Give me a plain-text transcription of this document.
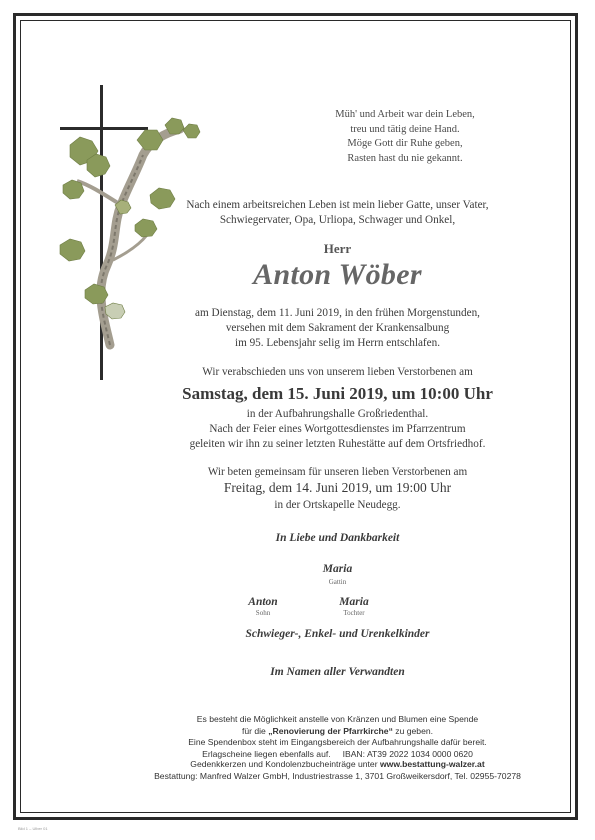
Müh' und Arbeit war dein Leben,
treu und tätig deine Hand.
Möge Gott dir Ruhe geben,
Rasten hast du nie gekannt.
Nach einem arbeitsreichen Leben ist mein lieber Gatte, unser Vater,
Schwiegervater, Opa, Urliopa, Schwager und Onkel,
Herr
Anton Wöber
am Dienstag, dem 11. Juni 2019, in den frühen Morgenstunden,
versehen mit dem Sakrament der Krankensalbung
im 95. Lebensjahr selig im Herrn entschlafen.
Wir verabschieden uns von unserem lieben Verstorbenen am
Samstag, dem 15. Juni 2019, um 10:00 Uhr
in der Aufbahrungshalle Großriedenthal.
Nach der Feier eines Wortgottesdienstes im Pfarrzentrum
geleiten wir ihn zu seiner letzten Ruhestätte auf dem Ortsfriedhof.
Wir beten gemeinsam für unseren lieben Verstorbenen am
Freitag, dem 14. Juni 2019, um 19:00 Uhr
in der Ortskapelle Neudegg.
In Liebe und Dankbarkeit
Maria
Gattin
Anton
Sohn
Maria
Tochter
Schwieger-, Enkel- und Urenkelkinder
Im Namen aller Verwandten
Es besteht die Möglichkeit anstelle von Kränzen und Blumen eine Spende
für die „Renovierung der Pfarrkirche“ zu geben.
Eine Spendenbox steht im Eingangsbereich der Aufbahrungshalle dafür bereit.
Erlagscheine liegen ebenfalls auf.     IBAN: AT39 2022 1034 0000 0620
Gedenkkerzen und Kondolenzbucheinträge unter www.bestattung-walzer.at
Bestattung: Manfred Walzer GmbH, Industriestrasse 1, 3701 Großweikersdorf, Tel. 02955-70278
Bild 1 – Ulber 01
